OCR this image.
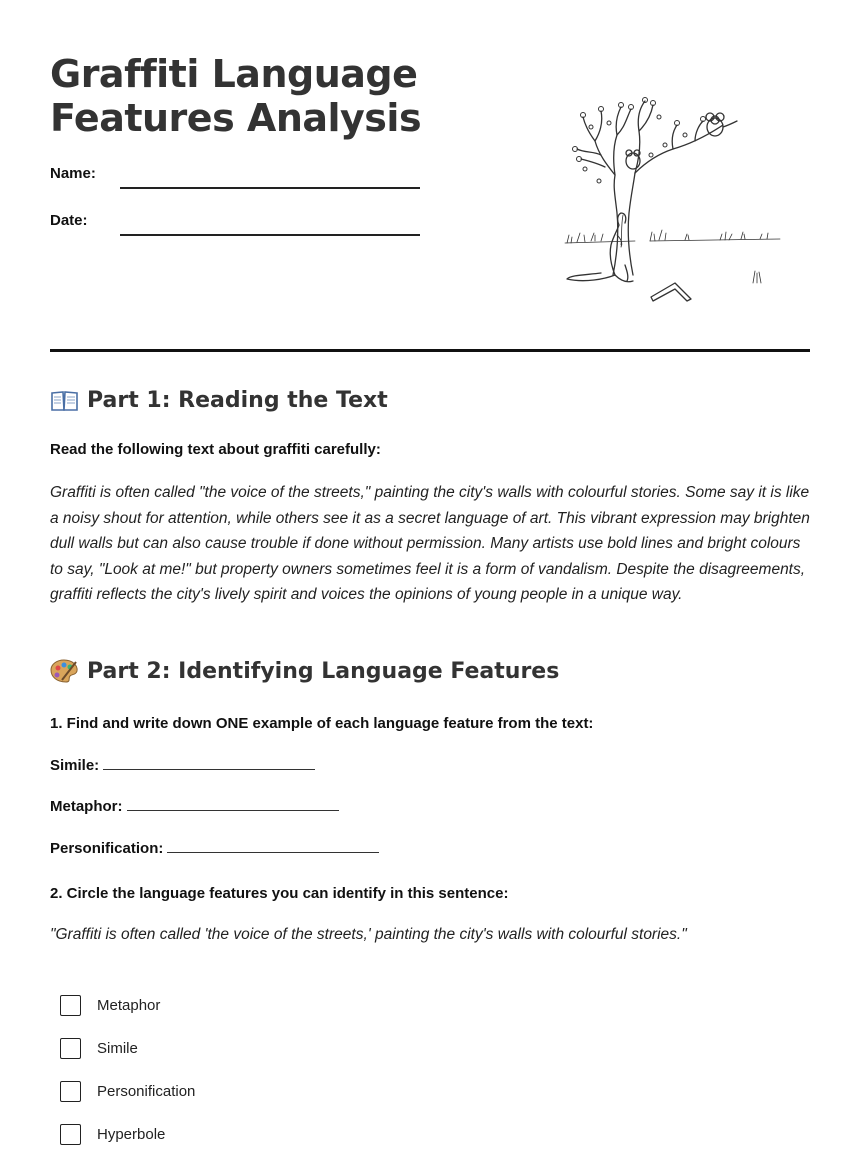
Graffiti Language
Features Analysis
Name:
Date:
Part 1: Reading the Text

Read the following text about graffiti carefully:

Graffiti is often called "the voice of the streets," painting the city's walls with colourful stories. Some say it is like a noisy shout for attention, while others see it as a secret language of art. This vibrant expression may brighten dull walls but can also cause trouble if done without permission. Many artists use bold lines and bright colours to say, "Look at me!" but property owners sometimes feel it is a form of vandalism. Despite the disagreements, graffiti reflects the city's lively spirit and voices the opinions of young people in a unique way.

Part 2: Identifying Language Features

1. Find and write down ONE example of each language feature from the text:

Simile:
Metaphor:
Personification:

2. Circle the language features you can identify in this sentence:

"Graffiti is often called 'the voice of the streets,' painting the city's walls with colourful stories."

Metaphor
Simile
Personification
Hyperbole
